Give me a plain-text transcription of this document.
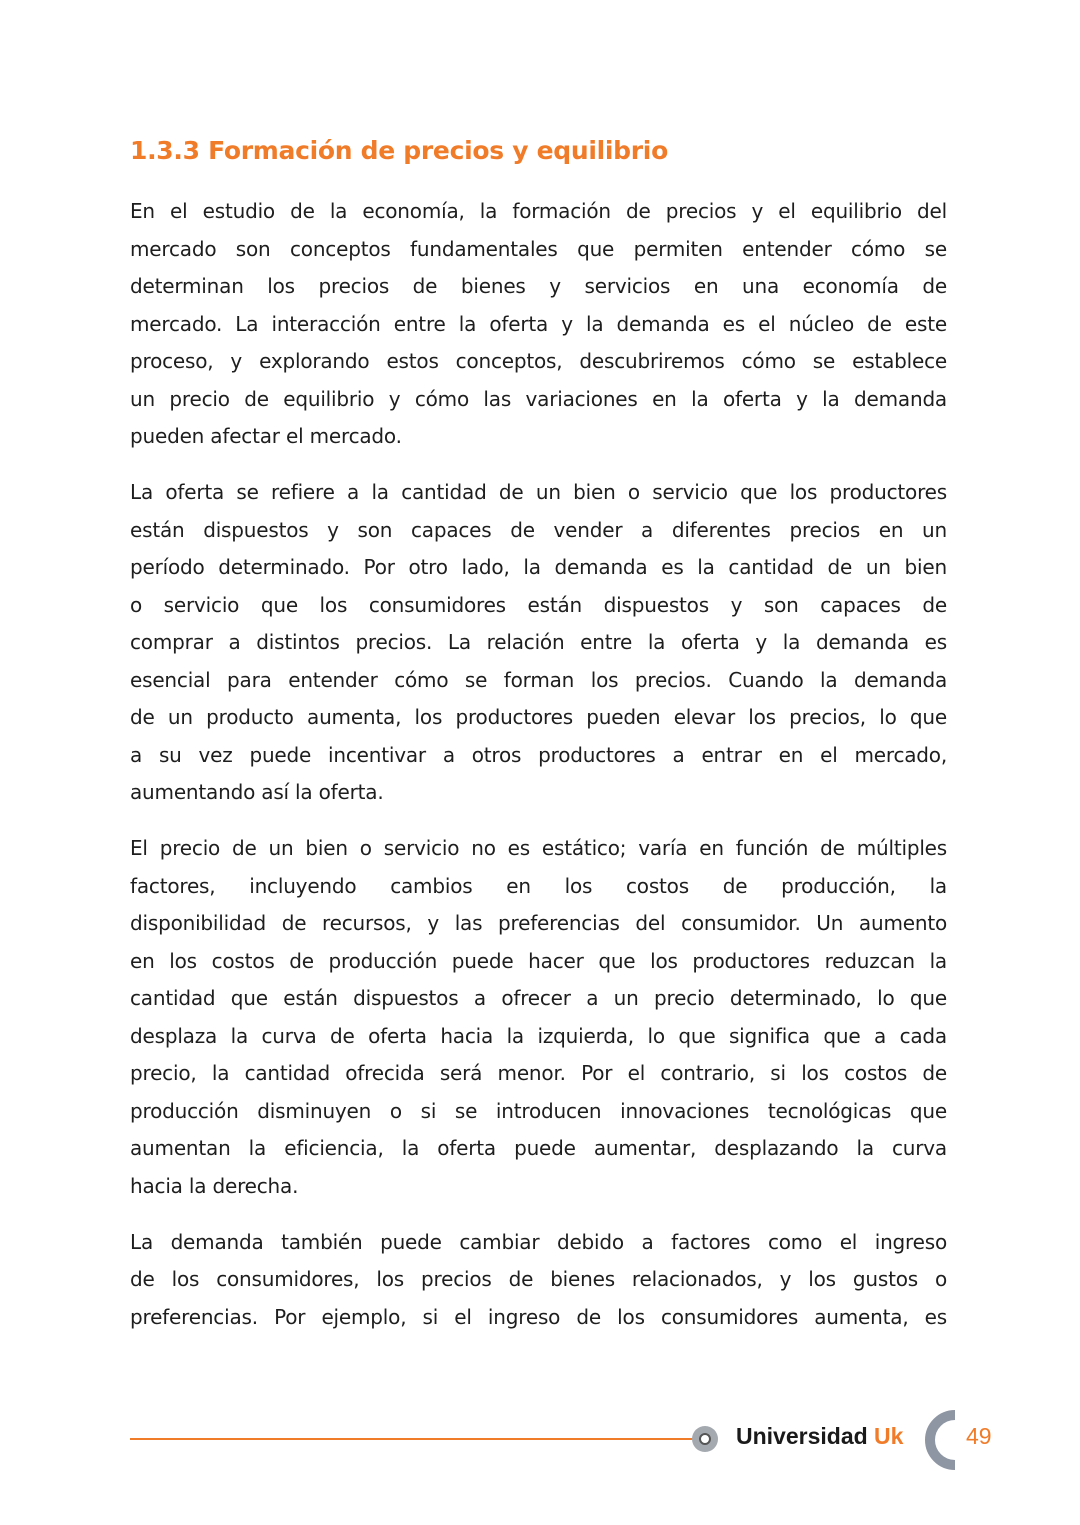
1.3.3 Formación de precios y equilibrio

En el estudio de la economía, la formación de precios y el equilibrio del
mercado son conceptos fundamentales que permiten entender cómo se
determinan los precios de bienes y servicios en una economía de
mercado. La interacción entre la oferta y la demanda es el núcleo de este
proceso, y explorando estos conceptos, descubriremos cómo se establece
un precio de equilibrio y cómo las variaciones en la oferta y la demanda
pueden afectar el mercado.

La oferta se refiere a la cantidad de un bien o servicio que los productores
están dispuestos y son capaces de vender a diferentes precios en un
período determinado. Por otro lado, la demanda es la cantidad de un bien
o servicio que los consumidores están dispuestos y son capaces de
comprar a distintos precios. La relación entre la oferta y la demanda es
esencial para entender cómo se forman los precios. Cuando la demanda
de un producto aumenta, los productores pueden elevar los precios, lo que
a su vez puede incentivar a otros productores a entrar en el mercado,
aumentando así la oferta.

El precio de un bien o servicio no es estático; varía en función de múltiples
factores, incluyendo cambios en los costos de producción, la
disponibilidad de recursos, y las preferencias del consumidor. Un aumento
en los costos de producción puede hacer que los productores reduzcan la
cantidad que están dispuestos a ofrecer a un precio determinado, lo que
desplaza la curva de oferta hacia la izquierda, lo que significa que a cada
precio, la cantidad ofrecida será menor. Por el contrario, si los costos de
producción disminuyen o si se introducen innovaciones tecnológicas que
aumentan la eficiencia, la oferta puede aumentar, desplazando la curva
hacia la derecha.

La demanda también puede cambiar debido a factores como el ingreso
de los consumidores, los precios de bienes relacionados, y los gustos o
preferencias. Por ejemplo, si el ingreso de los consumidores aumenta, es

Universidad Uk	49
